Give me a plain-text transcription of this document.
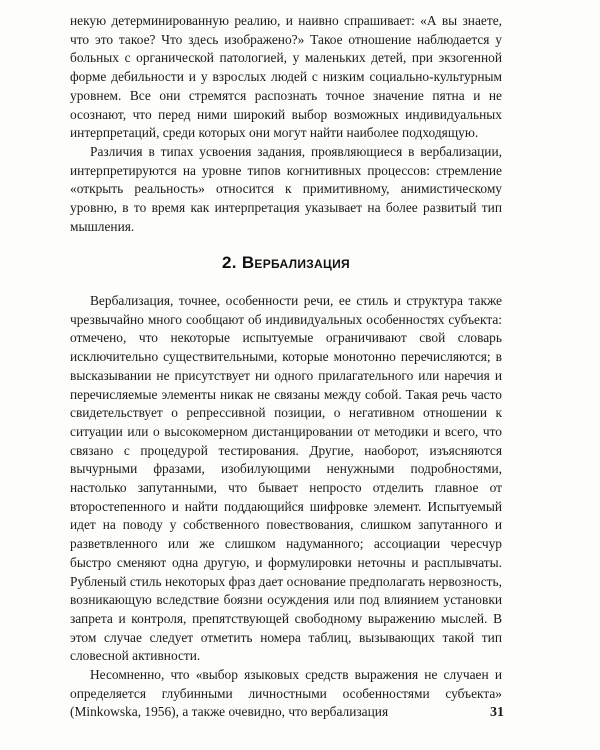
некую детерминированную реалию, и наивно спрашивает: «А вы знаете, что это такое? Что здесь изображено?» Такое отношение наблюдается у больных с органической патологией, у маленьких детей, при экзогенной форме дебильности и у взрослых людей с низким социально-культурным уровнем. Все они стремятся распознать точное значение пятна и не осознают, что перед ними широкий выбор возможных индивидуальных интерпретаций, среди которых они могут найти наиболее подходящую.

Различия в типах усвоения задания, проявляющиеся в вербализации, интерпретируются на уровне типов когнитивных процессов: стремление «открыть реальность» относится к примитивному, анимистическому уровню, в то время как интерпретация указывает на более развитый тип мышления.

2. Вербализация

Вербализация, точнее, особенности речи, ее стиль и структура также чрезвычайно много сообщают об индивидуальных особенностях субъекта: отмечено, что некоторые испытуемые ограничивают свой словарь исключительно существительными, которые монотонно перечисляются; в высказывании не присутствует ни одного прилагательного или наречия и перечисляемые элементы никак не связаны между собой. Такая речь часто свидетельствует о репрессивной позиции, о негативном отношении к ситуации или о высокомерном дистанцировании от методики и всего, что связано с процедурой тестирования. Другие, наоборот, изъясняются вычурными фразами, изобилующими ненужными подробностями, настолько запутанными, что бывает непросто отделить главное от второстепенного и найти поддающийся шифровке элемент. Испытуемый идет на поводу у собственного повествования, слишком запутанного и разветвленного или же слишком надуманного; ассоциации чересчур быстро сменяют одна другую, и формулировки неточны и расплывчаты. Рубленый стиль некоторых фраз дает основание предполагать нервозность, возникающую вследствие боязни осуждения или под влиянием установки запрета и контроля, препятствующей свободному выражению мыслей. В этом случае следует отметить номера таблиц, вызывающих такой тип словесной активности.

Несомненно, что «выбор языковых средств выражения не случаен и определяется глубинными личностными особенностями субъекта» (Minkowska, 1956), а также очевидно, что вербализация	31
